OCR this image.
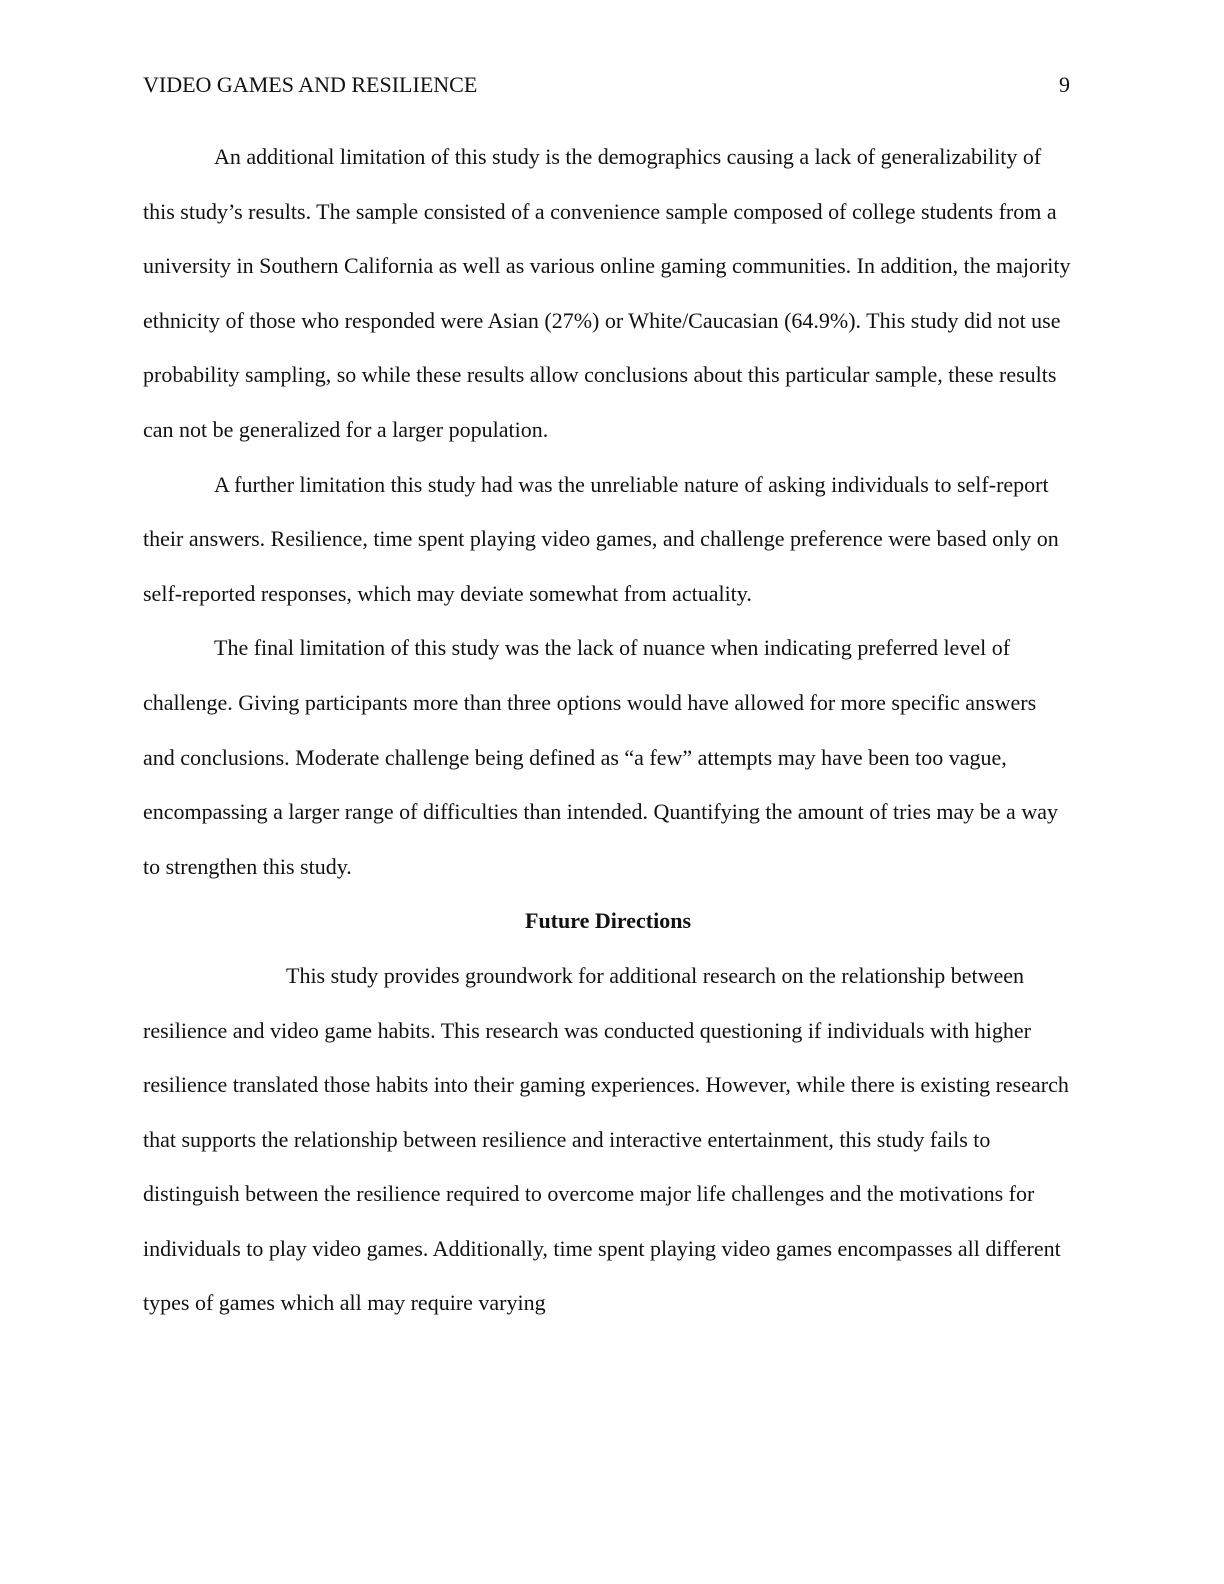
VIDEO GAMES AND RESILIENCE	9

An additional limitation of this study is the demographics causing a lack of generalizability of this study’s results. The sample consisted of a convenience sample composed of college students from a university in Southern California as well as various online gaming communities. In addition, the majority ethnicity of those who responded were Asian (27%) or White/Caucasian (64.9%). This study did not use probability sampling, so while these results allow conclusions about this particular sample, these results can not be generalized for a larger population.

A further limitation this study had was the unreliable nature of asking individuals to self-report their answers. Resilience, time spent playing video games, and challenge preference were based only on self-reported responses, which may deviate somewhat from actuality.

The final limitation of this study was the lack of nuance when indicating preferred level of challenge. Giving participants more than three options would have allowed for more specific answers and conclusions. Moderate challenge being defined as “a few” attempts may have been too vague, encompassing a larger range of difficulties than intended. Quantifying the amount of tries may be a way to strengthen this study.

Future Directions

This study provides groundwork for additional research on the relationship between resilience and video game habits. This research was conducted questioning if individuals with higher resilience translated those habits into their gaming experiences. However, while there is existing research that supports the relationship between resilience and interactive entertainment, this study fails to distinguish between the resilience required to overcome major life challenges and the motivations for individuals to play video games. Additionally, time spent playing video games encompasses all different types of games which all may require varying
